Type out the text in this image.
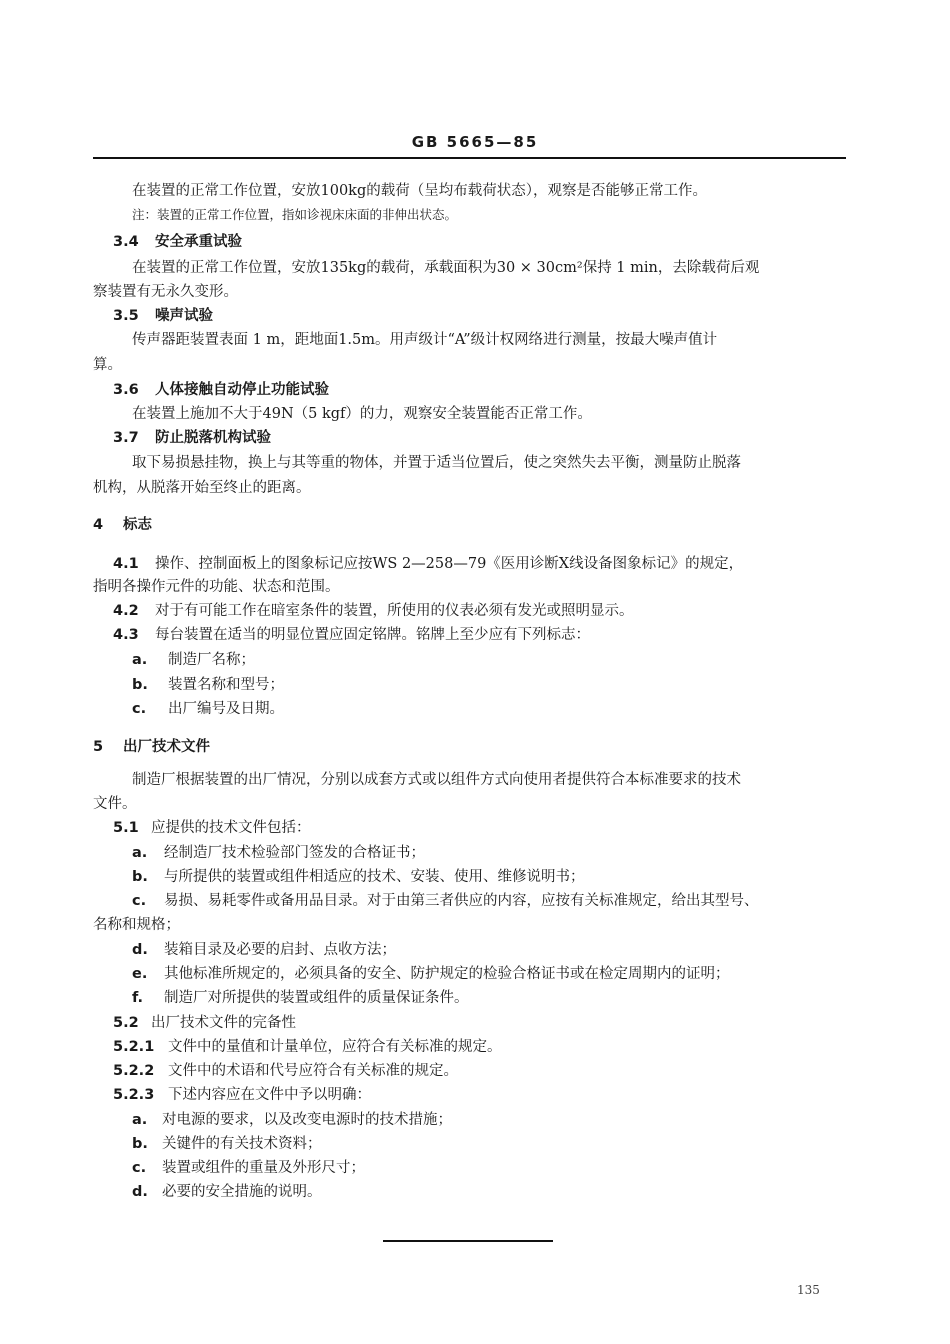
GB 5665—85
在装置的正常工作位置，安放100kg的载荷（呈均布载荷状态），观察是否能够正常工作。
注：装置的正常工作位置，指如诊视床床面的非伸出状态。
3.4 安全承重试验
在装置的正常工作位置，安放135kg的载荷，承载面积为30 × 30cm²保持 1 min，去除载荷后观
察装置有无永久变形。
3.5 噪声试验
传声器距装置表面 1 m，距地面1.5m。用声级计“A”级计权网络进行测量，按最大噪声值计
算。
3.6 人体接触自动停止功能试验
在装置上施加不大于49N（5 kgf）的力，观察安全装置能否正常工作。
3.7 防止脱落机构试验
取下易损悬挂物，换上与其等重的物体，并置于适当位置后，使之突然失去平衡，测量防止脱落
机构，从脱落开始至终止的距离。
4 标志
4.1 操作、控制面板上的图象标记应按WS 2—258—79《医用诊断X线设备图象标记》的规定，
指明各操作元件的功能、状态和范围。
4.2 对于有可能工作在暗室条件的装置，所使用的仪表必须有发光或照明显示。
4.3 每台装置在适当的明显位置应固定铭牌。铭牌上至少应有下列标志：
a. 制造厂名称；
b. 装置名称和型号；
c. 出厂编号及日期。
5 出厂技术文件
制造厂根据装置的出厂情况，分别以成套方式或以组件方式向使用者提供符合本标准要求的技术
文件。
5.1 应提供的技术文件包括：
a. 经制造厂技术检验部门签发的合格证书；
b. 与所提供的装置或组件相适应的技术、安装、使用、维修说明书；
c. 易损、易耗零件或备用品目录。对于由第三者供应的内容，应按有关标准规定，给出其型号、
名称和规格；
d. 装箱目录及必要的启封、点收方法；
e. 其他标准所规定的，必须具备的安全、防护规定的检验合格证书或在检定周期内的证明；
f. 制造厂对所提供的装置或组件的质量保证条件。
5.2 出厂技术文件的完备性
5.2.1 文件中的量值和计量单位，应符合有关标准的规定。
5.2.2 文件中的术语和代号应符合有关标准的规定。
5.2.3 下述内容应在文件中予以明确：
a. 对电源的要求，以及改变电源时的技术措施；
b. 关键件的有关技术资料；
c. 装置或组件的重量及外形尺寸；
d. 必要的安全措施的说明。
135
